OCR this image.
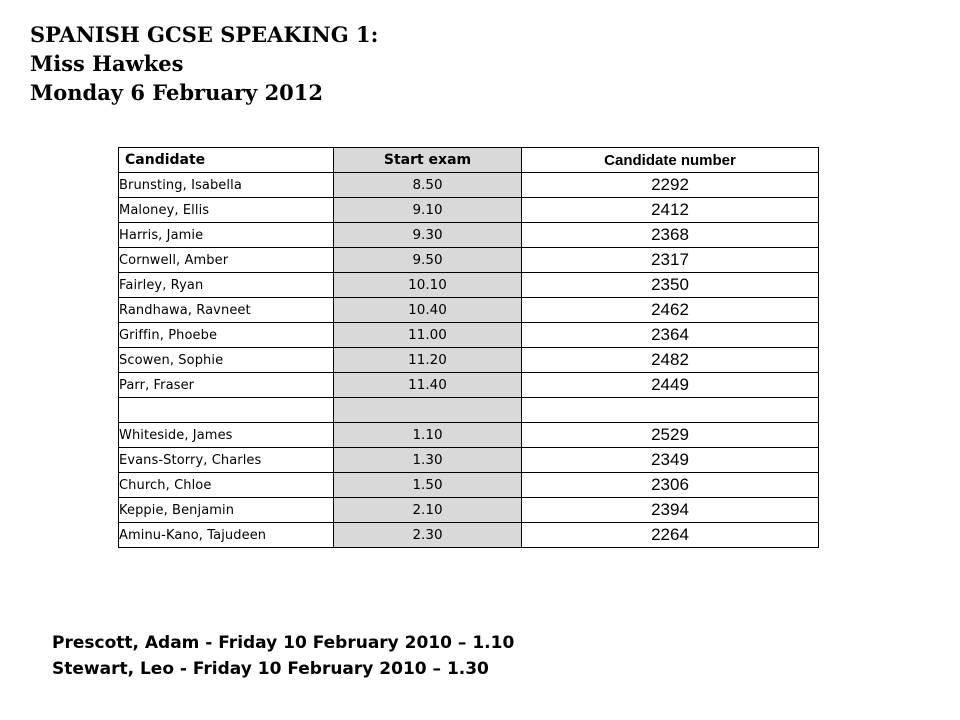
SPANISH GCSE SPEAKING 1:
Miss Hawkes
Monday 6 February 2012
Candidate	Start exam	Candidate number
Brunsting, Isabella	8.50	2292
Maloney, Ellis	9.10	2412
Harris, Jamie	9.30	2368
Cornwell, Amber	9.50	2317
Fairley, Ryan	10.10	2350
Randhawa, Ravneet	10.40	2462
Griffin, Phoebe	11.00	2364
Scowen, Sophie	11.20	2482
Parr, Fraser	11.40	2449

Whiteside, James	1.10	2529
Evans-Storry, Charles	1.30	2349
Church, Chloe	1.50	2306
Keppie, Benjamin	2.10	2394
Aminu-Kano, Tajudeen	2.30	2264
Prescott, Adam - Friday 10 February 2010 – 1.10
Stewart, Leo - Friday 10 February 2010 – 1.30
